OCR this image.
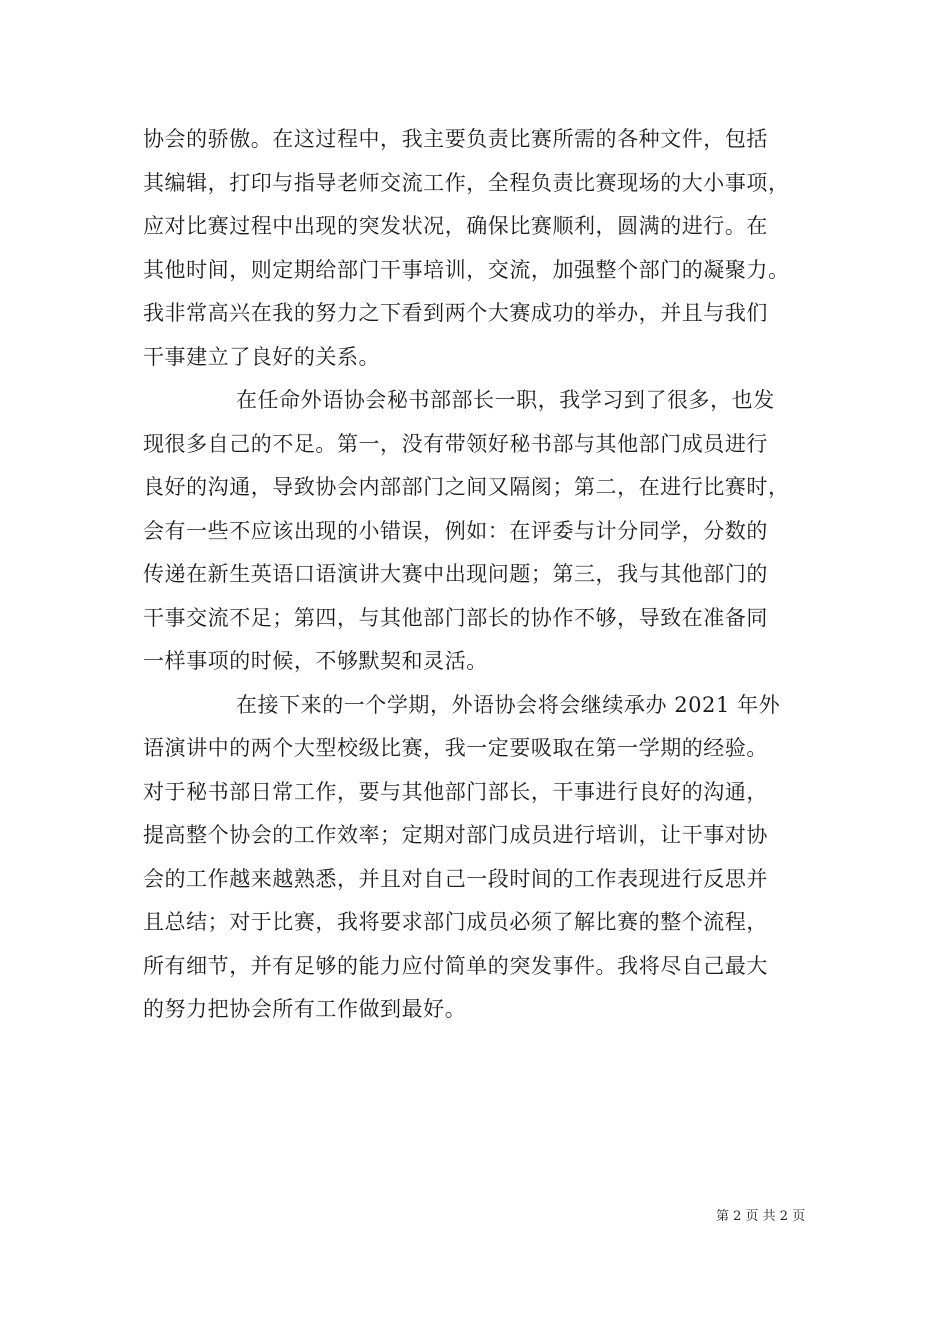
协会的骄傲。在这过程中，我主要负责比赛所需的各种文件，包括
其编辑，打印与指导老师交流工作，全程负责比赛现场的大小事项，
应对比赛过程中出现的突发状况，确保比赛顺利，圆满的进行。在
其他时间，则定期给部门干事培训，交流，加强整个部门的凝聚力。
我非常高兴在我的努力之下看到两个大赛成功的举办，并且与我们
干事建立了良好的关系。
在任命外语协会秘书部部长一职，我学习到了很多，也发
现很多自己的不足。第一，没有带领好秘书部与其他部门成员进行
良好的沟通，导致协会内部部门之间又隔阂；第二，在进行比赛时，
会有一些不应该出现的小错误，例如：在评委与计分同学，分数的
传递在新生英语口语演讲大赛中出现问题；第三，我与其他部门的
干事交流不足；第四，与其他部门部长的协作不够，导致在准备同
一样事项的时候，不够默契和灵活。
在接下来的一个学期，外语协会将会继续承办 2021 年外
语演讲中的两个大型校级比赛，我一定要吸取在第一学期的经验。
对于秘书部日常工作，要与其他部门部长，干事进行良好的沟通，
提高整个协会的工作效率；定期对部门成员进行培训，让干事对协
会的工作越来越熟悉，并且对自己一段时间的工作表现进行反思并
且总结；对于比赛，我将要求部门成员必须了解比赛的整个流程，
所有细节，并有足够的能力应付简单的突发事件。我将尽自己最大
的努力把协会所有工作做到最好。
第 2 页 共 2 页
